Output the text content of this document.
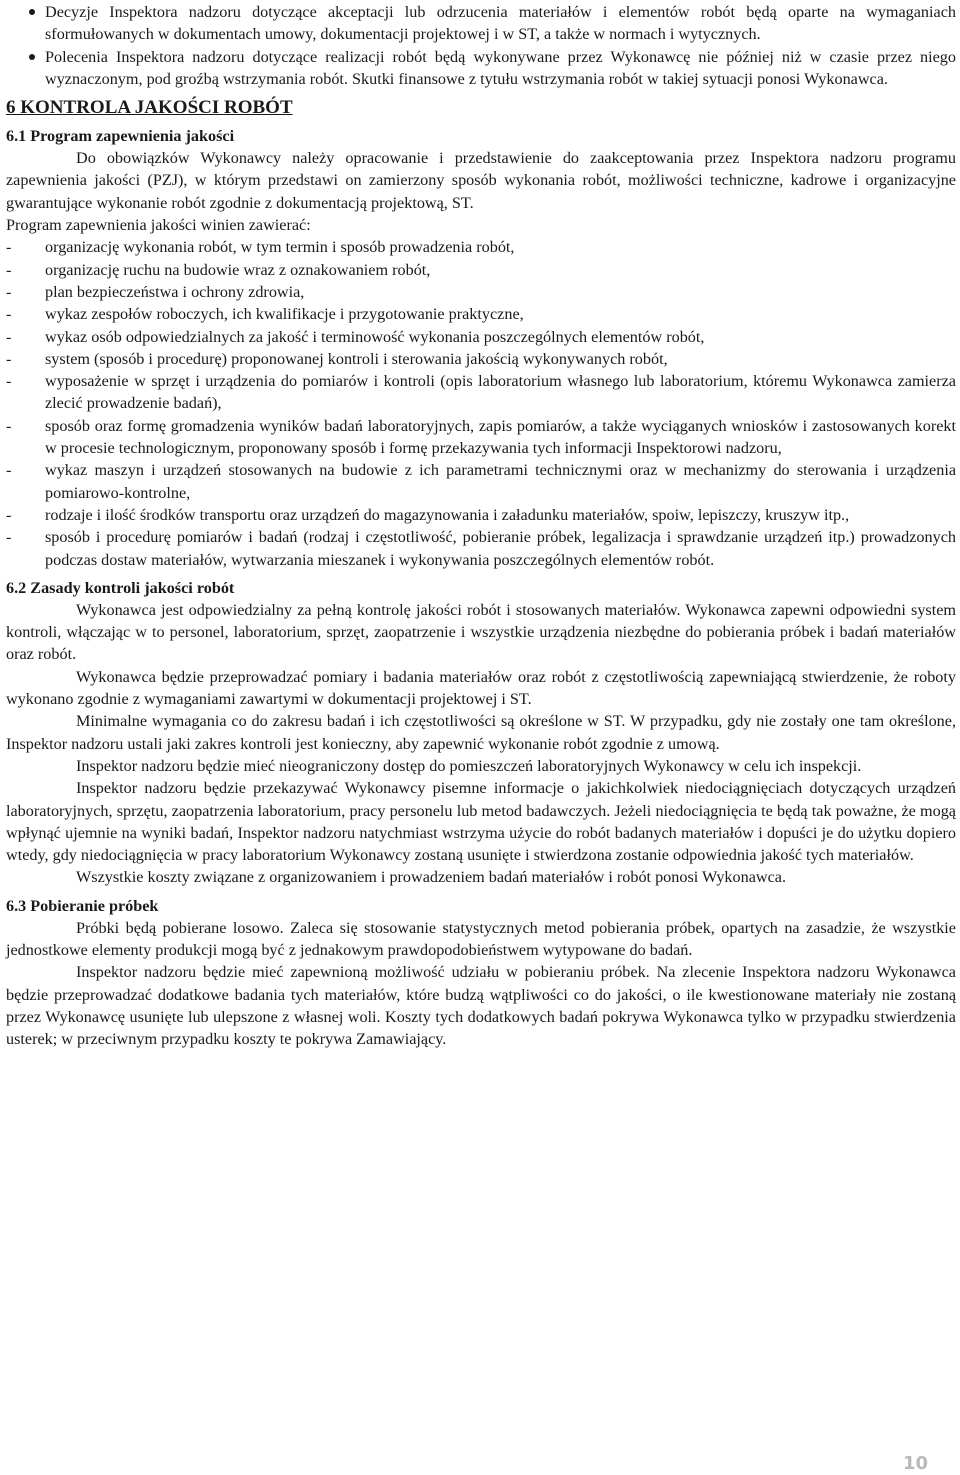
Decyzje Inspektora nadzoru dotyczące akceptacji lub odrzucenia materiałów i elementów robót będą oparte na wymaganiach sformułowanych w dokumentach umowy, dokumentacji projektowej i w ST, a także w normach i wytycznych.
Polecenia Inspektora nadzoru dotyczące realizacji robót będą wykonywane przez Wykonawcę nie później niż w czasie przez niego wyznaczonym, pod groźbą wstrzymania robót. Skutki finansowe z tytułu wstrzymania robót w takiej sytuacji ponosi Wykonawca.
6 KONTROLA JAKOŚCI ROBÓT
6.1 Program zapewnienia jakości

Do obowiązków Wykonawcy należy opracowanie i przedstawienie do zaakceptowania przez Inspektora nadzoru programu zapewnienia jakości (PZJ), w którym przedstawi on zamierzony sposób wykonania robót, możliwości techniczne, kadrowe i organizacyjne gwarantujące wykonanie robót zgodnie z dokumentacją projektową, ST.

Program zapewnienia jakości winien zawierać:

- organizację wykonania robót, w tym termin i sposób prowadzenia robót,
- organizację ruchu na budowie wraz z oznakowaniem robót,
- plan bezpieczeństwa i ochrony zdrowia,
- wykaz zespołów roboczych, ich kwalifikacje i przygotowanie praktyczne,
- wykaz osób odpowiedzialnych za jakość i terminowość wykonania poszczególnych elementów robót,
- system (sposób i procedurę) proponowanej kontroli i sterowania jakością wykonywanych robót,
- wyposażenie w sprzęt i urządzenia do pomiarów i kontroli (opis laboratorium własnego lub laboratorium, któremu Wykonawca zamierza zlecić prowadzenie badań),
- sposób oraz formę gromadzenia wyników badań laboratoryjnych, zapis pomiarów, a także wyciąganych wniosków i zastosowanych korekt w procesie technologicznym, proponowany sposób i formę przekazywania tych informacji Inspektorowi nadzoru,
- wykaz maszyn i urządzeń stosowanych na budowie z ich parametrami technicznymi oraz w mechanizmy do sterowania i urządzenia pomiarowo-kontrolne,
- rodzaje i ilość środków transportu oraz urządzeń do magazynowania i załadunku materiałów, spoiw, lepiszczy, kruszyw itp.,
- sposób i procedurę pomiarów i badań (rodzaj i częstotliwość, pobieranie próbek, legalizacja i sprawdzanie urządzeń itp.) prowadzonych podczas dostaw materiałów, wytwarzania mieszanek i wykonywania poszczególnych elementów robót.
6.2 Zasady kontroli jakości robót

Wykonawca jest odpowiedzialny za pełną kontrolę jakości robót i stosowanych materiałów. Wykonawca zapewni odpowiedni system kontroli, włączając w to personel, laboratorium, sprzęt, zaopatrzenie i wszystkie urządzenia niezbędne do pobierania próbek i badań materiałów oraz robót.

Wykonawca będzie przeprowadzać pomiary i badania materiałów oraz robót z częstotliwością zapewniającą stwierdzenie, że roboty wykonano zgodnie z wymaganiami zawartymi w dokumentacji projektowej i ST.

Minimalne wymagania co do zakresu badań i ich częstotliwości są określone w ST. W przypadku, gdy nie zostały one tam określone, Inspektor nadzoru ustali jaki zakres kontroli jest konieczny, aby zapewnić wykonanie robót zgodnie z umową.

Inspektor nadzoru będzie mieć nieograniczony dostęp do pomieszczeń laboratoryjnych Wykonawcy w celu ich inspekcji.

Inspektor nadzoru będzie przekazywać Wykonawcy pisemne informacje o jakichkolwiek niedociągnięciach dotyczących urządzeń laboratoryjnych, sprzętu, zaopatrzenia laboratorium, pracy personelu lub metod badawczych. Jeżeli niedociągnięcia te będą tak poważne, że mogą wpłynąć ujemnie na wyniki badań, Inspektor nadzoru natychmiast wstrzyma użycie do robót badanych materiałów i dopuści je do użytku dopiero wtedy, gdy niedociągnięcia w pracy laboratorium Wykonawcy zostaną usunięte i stwierdzona zostanie odpowiednia jakość tych materiałów.

Wszystkie koszty związane z organizowaniem i prowadzeniem badań materiałów i robót ponosi Wykonawca.

6.3 Pobieranie próbek

Próbki będą pobierane losowo. Zaleca się stosowanie statystycznych metod pobierania próbek, opartych na zasadzie, że wszystkie jednostkowe elementy produkcji mogą być z jednakowym prawdopodobieństwem wytypowane do badań.

Inspektor nadzoru będzie mieć zapewnioną możliwość udziału w pobieraniu próbek. Na zlecenie Inspektora nadzoru Wykonawca będzie przeprowadzać dodatkowe badania tych materiałów, które budzą wątpliwości co do jakości, o ile kwestionowane materiały nie zostaną przez Wykonawcę usunięte lub ulepszone z własnej woli. Koszty tych dodatkowych badań pokrywa Wykonawca tylko w przypadku stwierdzenia usterek; w przeciwnym przypadku koszty te pokrywa Zamawiający.

10
